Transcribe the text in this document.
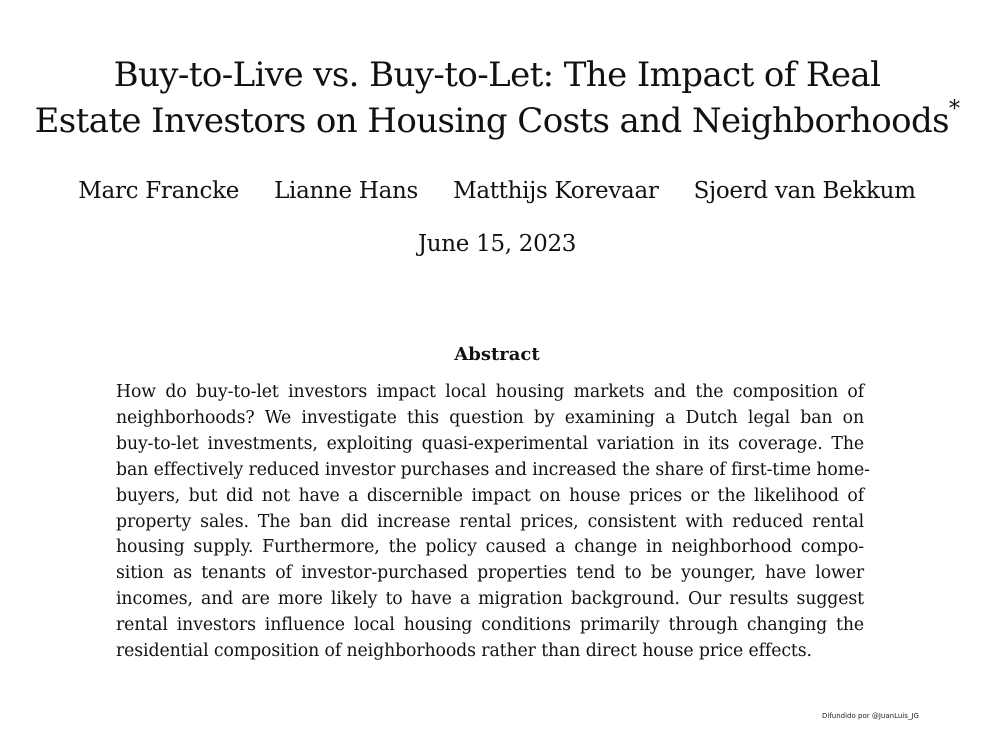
Buy-to-Live vs. Buy-to-Let: The Impact of Real
Estate Investors on Housing Costs and Neighborhoods*
Marc Francke Lianne Hans Matthijs Korevaar Sjoerd van Bekkum
June 15, 2023
Abstract
How do buy-to-let investors impact local housing markets and the composition of
neighborhoods? We investigate this question by examining a Dutch legal ban on
buy-to-let investments, exploiting quasi-experimental variation in its coverage. The
ban effectively reduced investor purchases and increased the share of first-time home-
buyers, but did not have a discernible impact on house prices or the likelihood of
property sales. The ban did increase rental prices, consistent with reduced rental
housing supply. Furthermore, the policy caused a change in neighborhood compo-
sition as tenants of investor-purchased properties tend to be younger, have lower
incomes, and are more likely to have a migration background. Our results suggest
rental investors influence local housing conditions primarily through changing the
residential composition of neighborhoods rather than direct house price effects.
Difundido por @JuanLuis_JG
